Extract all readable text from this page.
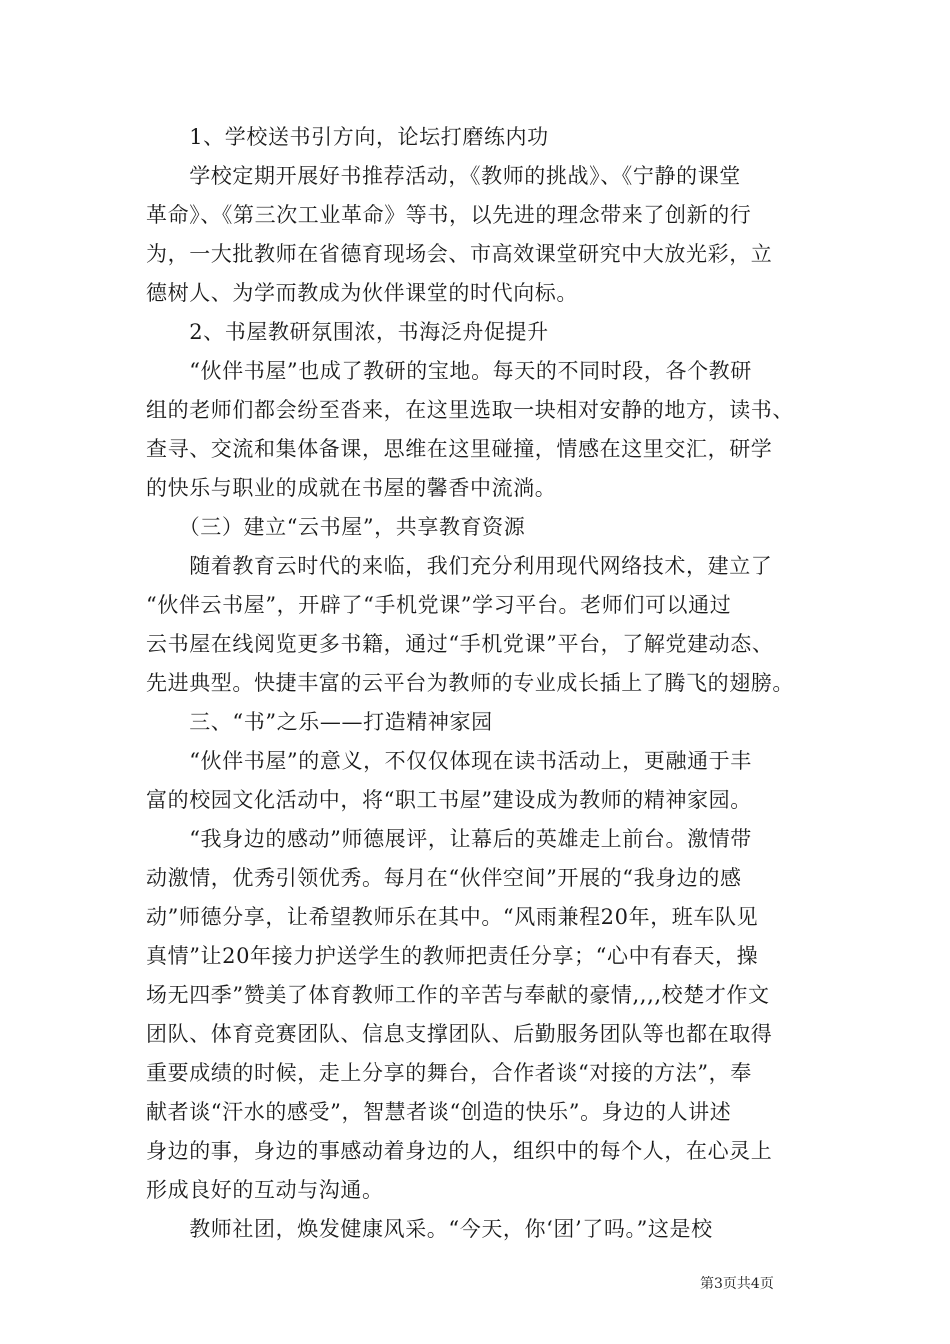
　　1、学校送书引方向，论坛打磨练内功
　　学校定期开展好书推荐活动，《教师的挑战》、《宁静的课堂
革命》、《第三次工业革命》等书，以先进的理念带来了创新的行
为，一大批教师在省德育现场会、市高效课堂研究中大放光彩，立
德树人、为学而教成为伙伴课堂的时代向标。
　　2、书屋教研氛围浓，书海泛舟促提升
　　“伙伴书屋”也成了教研的宝地。每天的不同时段，各个教研
组的老师们都会纷至沓来，在这里选取一块相对安静的地方，读书、
查寻、交流和集体备课，思维在这里碰撞，情感在这里交汇，研学
的快乐与职业的成就在书屋的馨香中流淌。
　　（三）建立“云书屋”，共享教育资源
　　随着教育云时代的来临，我们充分利用现代网络技术，建立了
“伙伴云书屋”，开辟了“手机党课”学习平台。老师们可以通过
云书屋在线阅览更多书籍，通过“手机党课”平台，了解党建动态、
先进典型。快捷丰富的云平台为教师的专业成长插上了腾飞的翅膀。
　　三、“书”之乐——打造精神家园
　　“伙伴书屋”的意义，不仅仅体现在读书活动上，更融通于丰
富的校园文化活动中，将“职工书屋”建设成为教师的精神家园。
　　“我身边的感动”师德展评，让幕后的英雄走上前台。激情带
动激情，优秀引领优秀。每月在“伙伴空间”开展的“我身边的感
动”师德分享，让希望教师乐在其中。“风雨兼程20年，班车队见
真情”让20年接力护送学生的教师把责任分享；“心中有春天，操
场无四季”赞美了体育教师工作的辛苦与奉献的豪情,,,,校楚才作文
团队、体育竞赛团队、信息支撑团队、后勤服务团队等也都在取得
重要成绩的时候，走上分享的舞台，合作者谈“对接的方法”，奉
献者谈“汗水的感受”，智慧者谈“创造的快乐”。身边的人讲述
身边的事，身边的事感动着身边的人，组织中的每个人，在心灵上
形成良好的互动与沟通。
　　教师社团，焕发健康风采。“今天，你‘团’了吗。”这是校
第3页共4页
